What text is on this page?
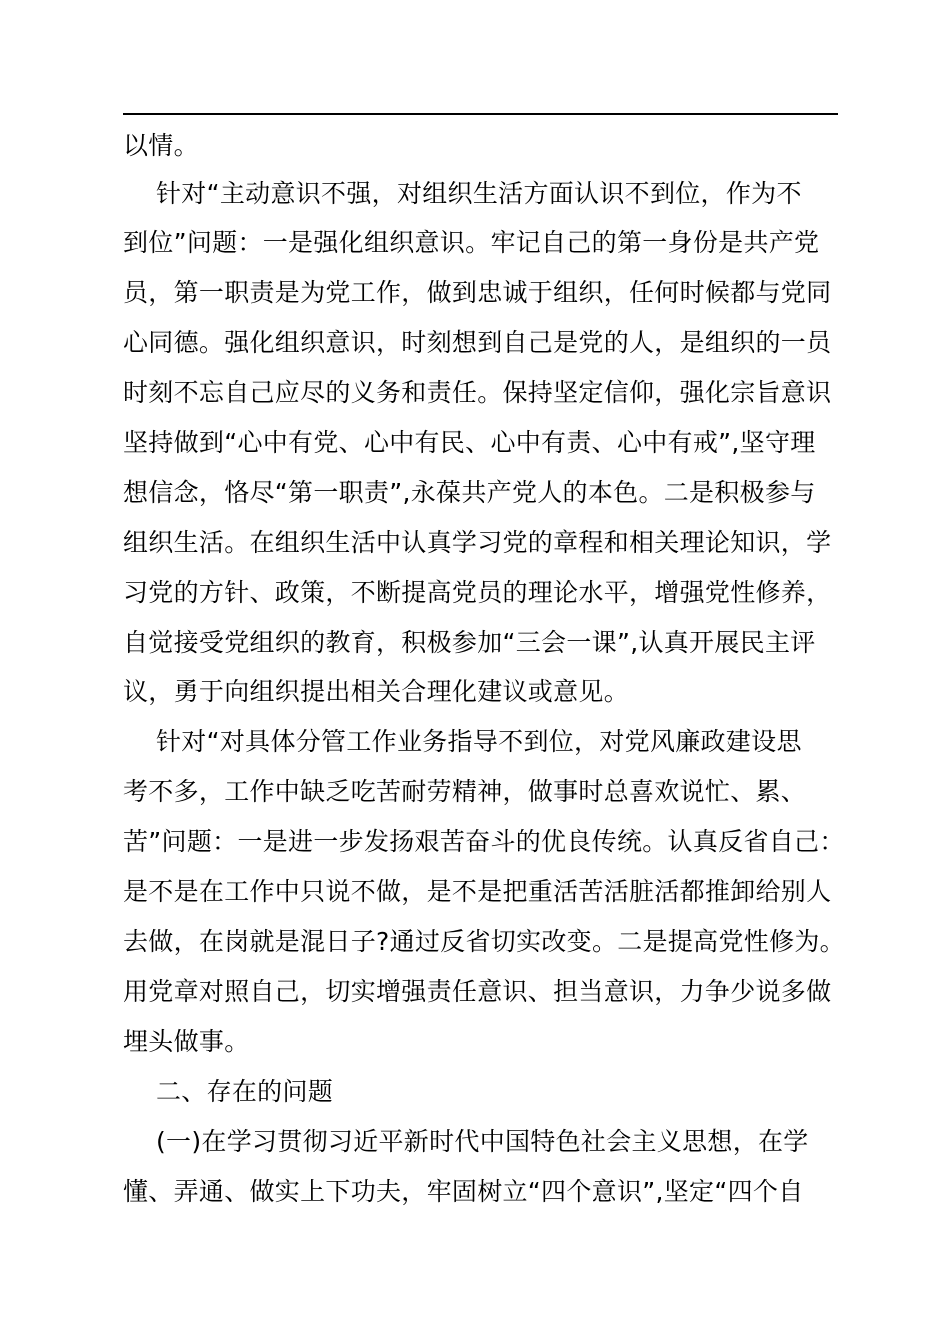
以情。
针对“主动意识不强，对组织生活方面认识不到位，作为不
到位”问题：一是强化组织意识。牢记自己的第一身份是共产党
员，第一职责是为党工作，做到忠诚于组织，任何时候都与党同
心同德。强化组织意识，时刻想到自己是党的人，是组织的一员
时刻不忘自己应尽的义务和责任。保持坚定信仰，强化宗旨意识
坚持做到“心中有党、心中有民、心中有责、心中有戒”,坚守理
想信念，恪尽“第一职责”,永葆共产党人的本色。二是积极参与
组织生活。在组织生活中认真学习党的章程和相关理论知识，学
习党的方针、政策，不断提高党员的理论水平，增强党性修养，
自觉接受党组织的教育，积极参加“三会一课”,认真开展民主评
议，勇于向组织提出相关合理化建议或意见。
针对“对具体分管工作业务指导不到位，对党风廉政建设思
考不多，工作中缺乏吃苦耐劳精神，做事时总喜欢说忙、累、
苦”问题：一是进一步发扬艰苦奋斗的优良传统。认真反省自己：
是不是在工作中只说不做，是不是把重活苦活脏活都推卸给别人
去做，在岗就是混日子?通过反省切实改变。二是提高党性修为。
用党章对照自己，切实增强责任意识、担当意识，力争少说多做
埋头做事。
二、存在的问题
(一)在学习贯彻习近平新时代中国特色社会主义思想，在学
懂、弄通、做实上下功夫，牢固树立“四个意识”,坚定“四个自
